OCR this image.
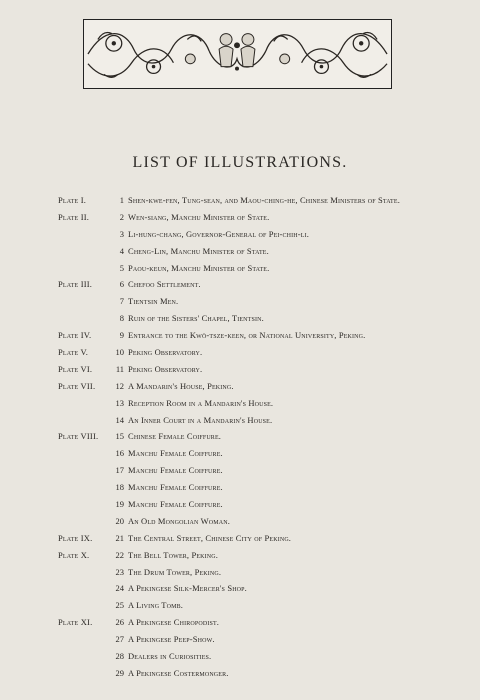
LIST OF ILLUSTRATIONS.
Plate I.	1 Shen-kwe-fen, Tung-sean, and Maou-ching-he, Chinese Ministers of State.
Plate II.	2 Wen-siang, Manchu Minister of State.
3 Li-hung-chang, Governor-General of Pei-chih-li.
4 Cheng-Lin, Manchu Minister of State.
5 Paou-keun, Manchu Minister of State.
Plate III.	6 Chefoo Settlement.
7 Tientsin Men.
8 Ruin of the Sisters' Chapel, Tientsin.
Plate IV.	9 Entrance to the Kwö-tsze-keen, or National University, Peking.
Plate V.	10 Peking Observatory.
Plate VI.	11 Peking Observatory.
Plate VII.	12 A Mandarin's House, Peking.
13 Reception Room in a Mandarin's House.
14 An Inner Court in a Mandarin's House.
Plate VIII.	15 Chinese Female Coiffure.
16 Manchu Female Coiffure.
17 Manchu Female Coiffure.
18 Manchu Female Coiffure.
19 Manchu Female Coiffure.
20 An Old Mongolian Woman.
Plate IX.	21 The Central Street, Chinese City of Peking.
Plate X.	22 The Bell Tower, Peking.
23 The Drum Tower, Peking.
24 A Pekingese Silk-Mercer's Shop.
25 A Living Tomb.
Plate XI.	26 A Pekingese Chiropodist.
27 A Pekingese Peep-Show.
28 Dealers in Curiosities.
29 A Pekingese Costermonger.
